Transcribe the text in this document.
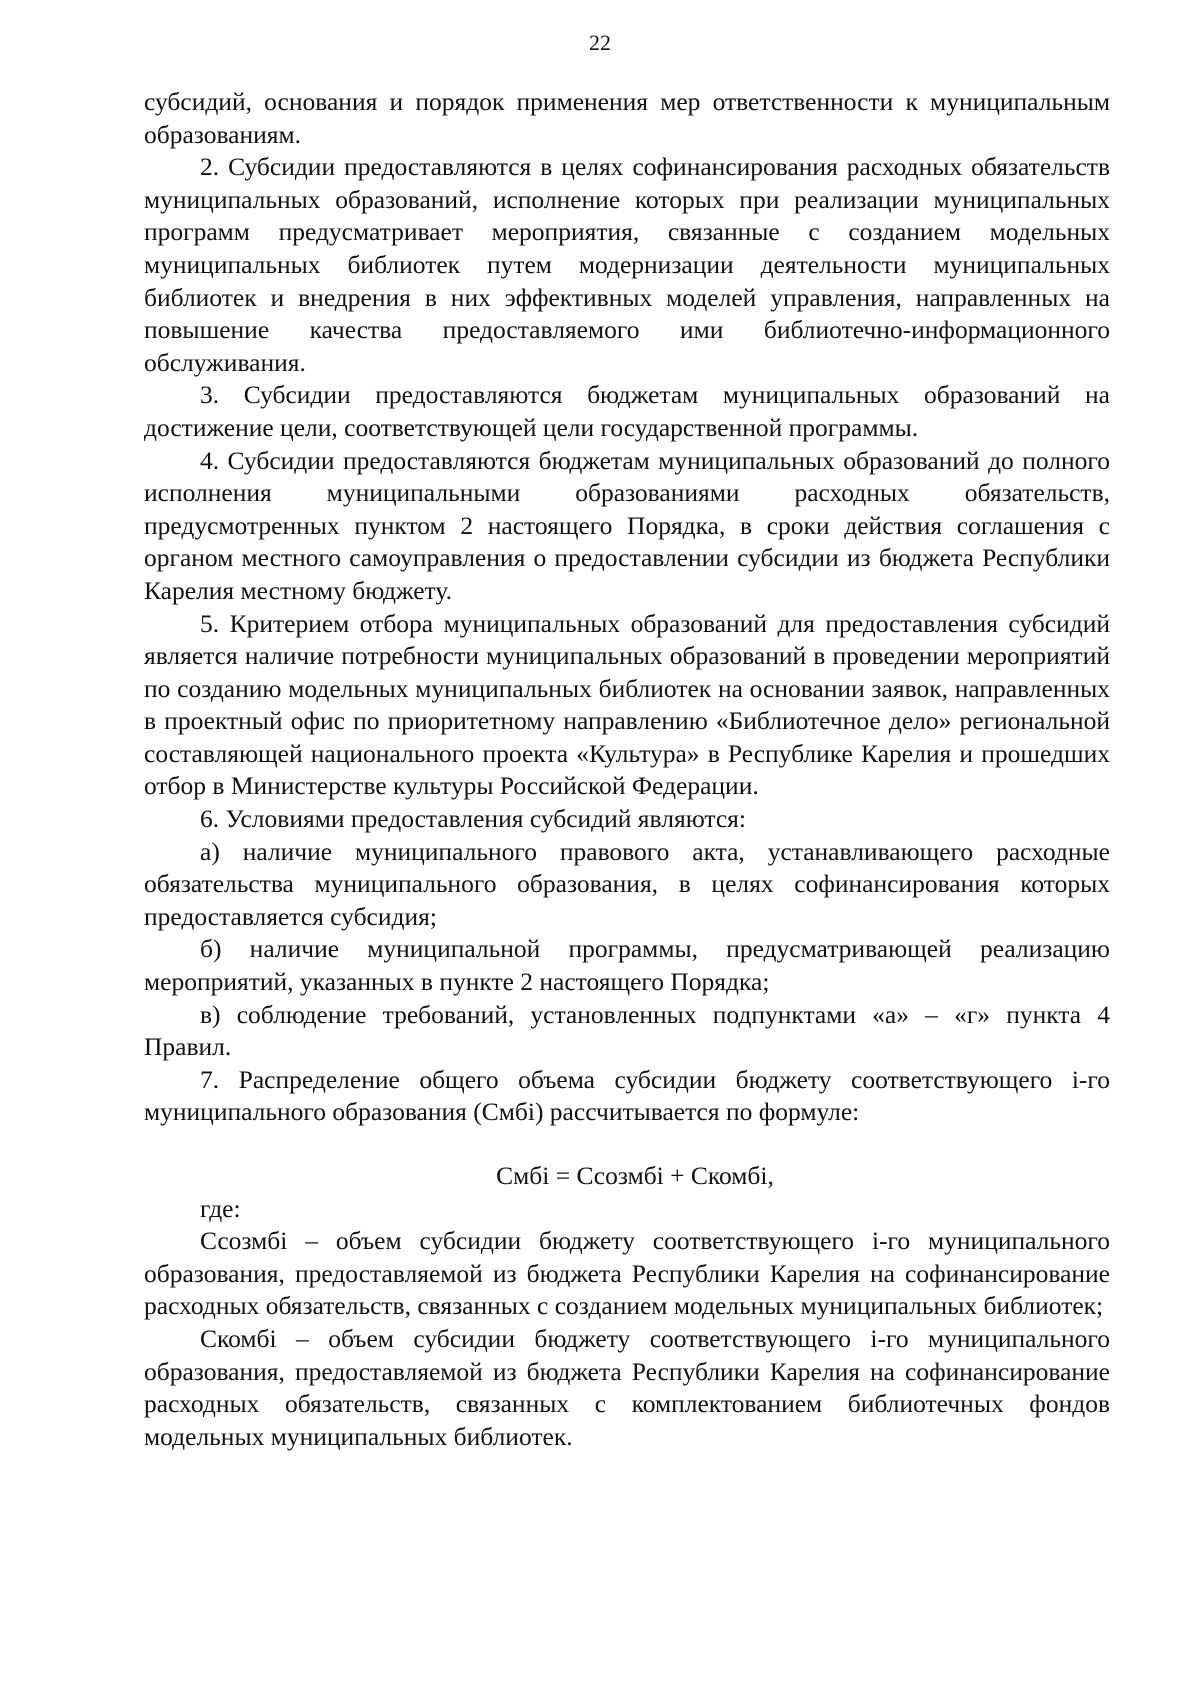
22

субсидий, основания и порядок применения мер ответственности к муниципальным образованиям.

2. Субсидии предоставляются в целях софинансирования расходных обязательств муниципальных образований, исполнение которых при реализации муниципальных программ предусматривает мероприятия, связанные с созданием модельных муниципальных библиотек путем модернизации деятельности муниципальных библиотек и внедрения в них эффективных моделей управления, направленных на повышение качества предоставляемого ими библиотечно-информационного обслуживания.

3. Субсидии предоставляются бюджетам муниципальных образований на достижение цели, соответствующей цели государственной программы.

4. Субсидии предоставляются бюджетам муниципальных образований до полного исполнения муниципальными образованиями расходных обязательств, предусмотренных пунктом 2 настоящего Порядка, в сроки действия соглашения с органом местного самоуправления о предоставлении субсидии из бюджета Республики Карелия местному бюджету.

5. Критерием отбора муниципальных образований для предоставления субсидий является наличие потребности муниципальных образований в проведении мероприятий по созданию модельных муниципальных библиотек на основании заявок, направленных в проектный офис по приоритетному направлению «Библиотечное дело» региональной составляющей национального проекта «Культура» в Республике Карелия и прошедших отбор в Министерстве культуры Российской Федерации.

6. Условиями предоставления субсидий являются:

а) наличие муниципального правового акта, устанавливающего расходные обязательства муниципального образования, в целях софинансирования которых предоставляется субсидия;

б) наличие муниципальной программы, предусматривающей реализацию мероприятий, указанных в пункте 2 настоящего Порядка;

в) соблюдение требований, установленных подпунктами «а» – «г» пункта 4 Правил.

7. Распределение общего объема субсидии бюджету соответствующего i-го муниципального образования (Смбi) рассчитывается по формуле:

Смбi = Ссозмбi + Скомбi,

где:

Ссозмбi – объем субсидии бюджету соответствующего i-го муниципального образования, предоставляемой из бюджета Республики Карелия на софинансирование расходных обязательств, связанных с созданием модельных муниципальных библиотек;

Скомбi – объем субсидии бюджету соответствующего i-го муниципального образования, предоставляемой из бюджета Республики Карелия на софинансирование расходных обязательств, связанных с комплектованием библиотечных фондов модельных муниципальных библиотек.
